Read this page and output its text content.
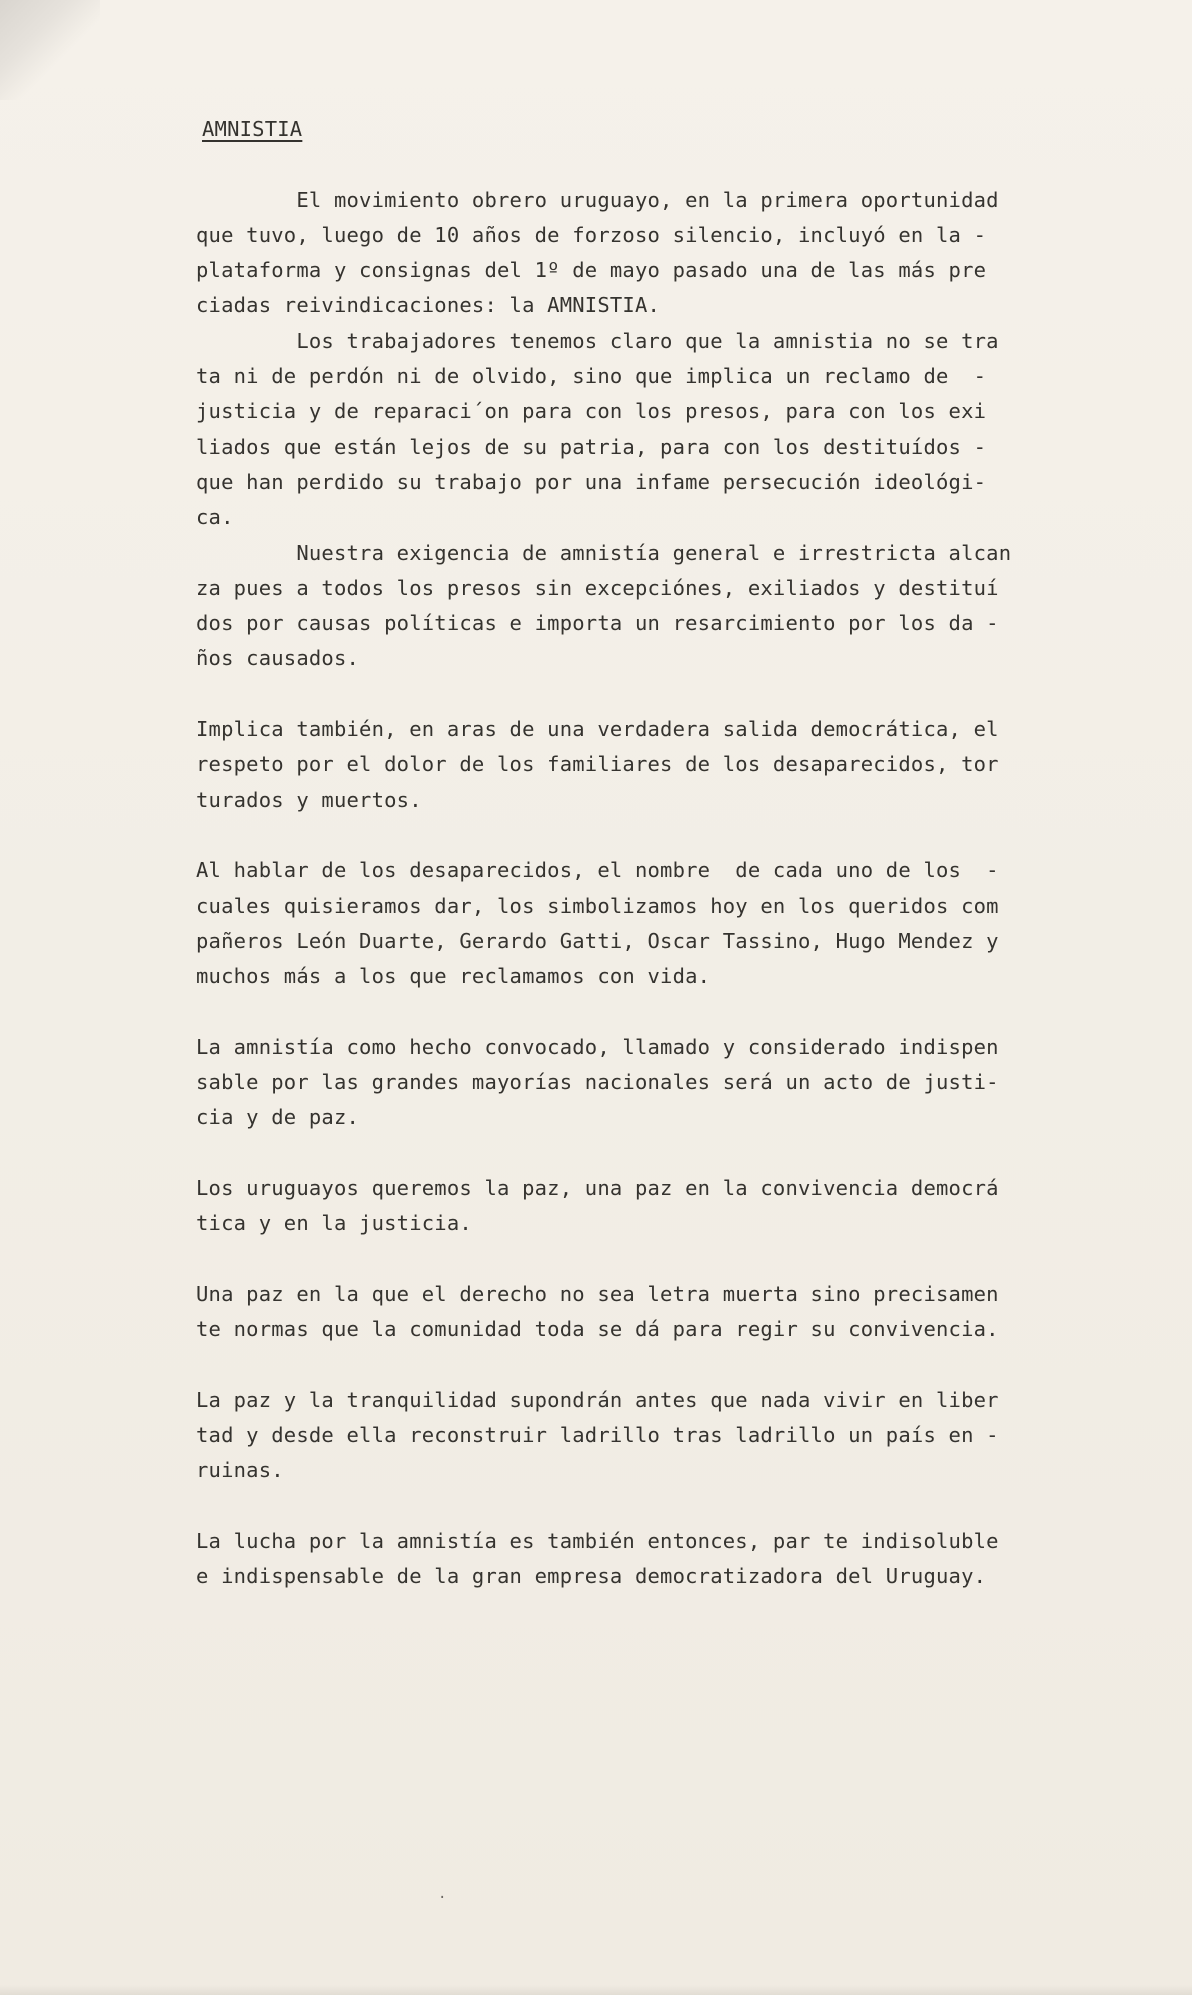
AMNISTIA
El movimiento obrero uruguayo, en la primera oportunidad
que tuvo, luego de 10 años de forzoso silencio, incluyó en la -
plataforma y consignas del 1º de mayo pasado una de las más pre
ciadas reivindicaciones: la AMNISTIA.
Los trabajadores tenemos claro que la amnistia no se tra
ta ni de perdón ni de olvido, sino que implica un reclamo de  -
justicia y de reparaci´on para con los presos, para con los exi
liados que están lejos de su patria, para con los destituídos -
que han perdido su trabajo por una infame persecución ideológi-
ca.
Nuestra exigencia de amnistía general e irrestricta alcan
za pues a todos los presos sin excepciónes, exiliados y destituí
dos por causas políticas e importa un resarcimiento por los da -
ños causados.
Implica también, en aras de una verdadera salida democrática, el
respeto por el dolor de los familiares de los desaparecidos, tor
turados y muertos.
Al hablar de los desaparecidos, el nombre  de cada uno de los  -
cuales quisieramos dar, los simbolizamos hoy en los queridos com
pañeros León Duarte, Gerardo Gatti, Oscar Tassino, Hugo Mendez y
muchos más a los que reclamamos con vida.
La amnistía como hecho convocado, llamado y considerado indispen
sable por las grandes mayorías nacionales será un acto de justi-
cia y de paz.
Los uruguayos queremos la paz, una paz en la convivencia democrá
tica y en la justicia.
Una paz en la que el derecho no sea letra muerta sino precisamen
te normas que la comunidad toda se dá para regir su convivencia.
La paz y la tranquilidad supondrán antes que nada vivir en liber
tad y desde ella reconstruir ladrillo tras ladrillo un país en -
ruinas.
La lucha por la amnistía es también entonces, par te indisoluble
e indispensable de la gran empresa democratizadora del Uruguay.
·
